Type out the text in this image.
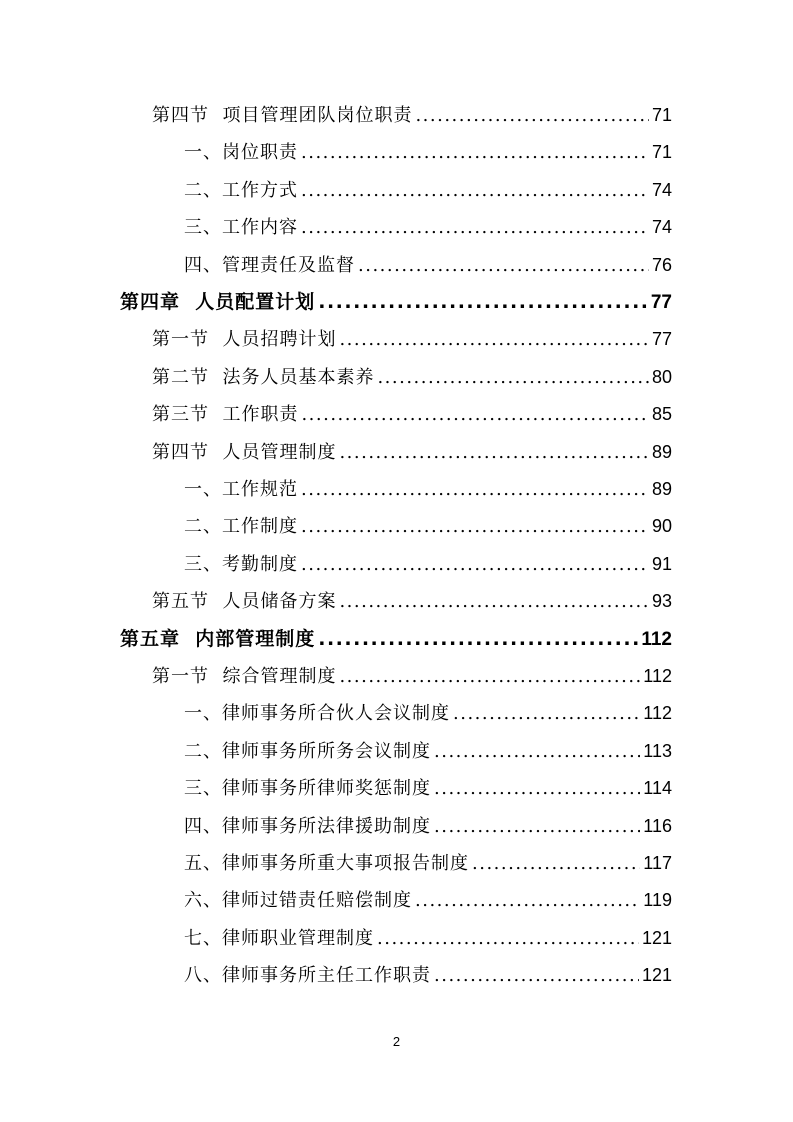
第四节  项目管理团队岗位职责 .....	71
一、岗位职责 .....	71
二、工作方式 .....	74
三、工作内容 .....	74
四、管理责任及监督 .....	76
第四章  人员配置计划 .....	77
第一节  人员招聘计划 .....	77
第二节  法务人员基本素养 .....	80
第三节  工作职责 .....	85
第四节  人员管理制度 .....	89
一、工作规范 .....	89
二、工作制度 .....	90
三、考勤制度 .....	91
第五节  人员储备方案 .....	93
第五章  内部管理制度 .....	112
第一节  综合管理制度 .....	112
一、律师事务所合伙人会议制度 .....	112
二、律师事务所所务会议制度 .....	113
三、律师事务所律师奖惩制度 .....	114
四、律师事务所法律援助制度 .....	116
五、律师事务所重大事项报告制度 .....	117
六、律师过错责任赔偿制度 .....	119
七、律师职业管理制度 .....	121
八、律师事务所主任工作职责 .....	121
2
